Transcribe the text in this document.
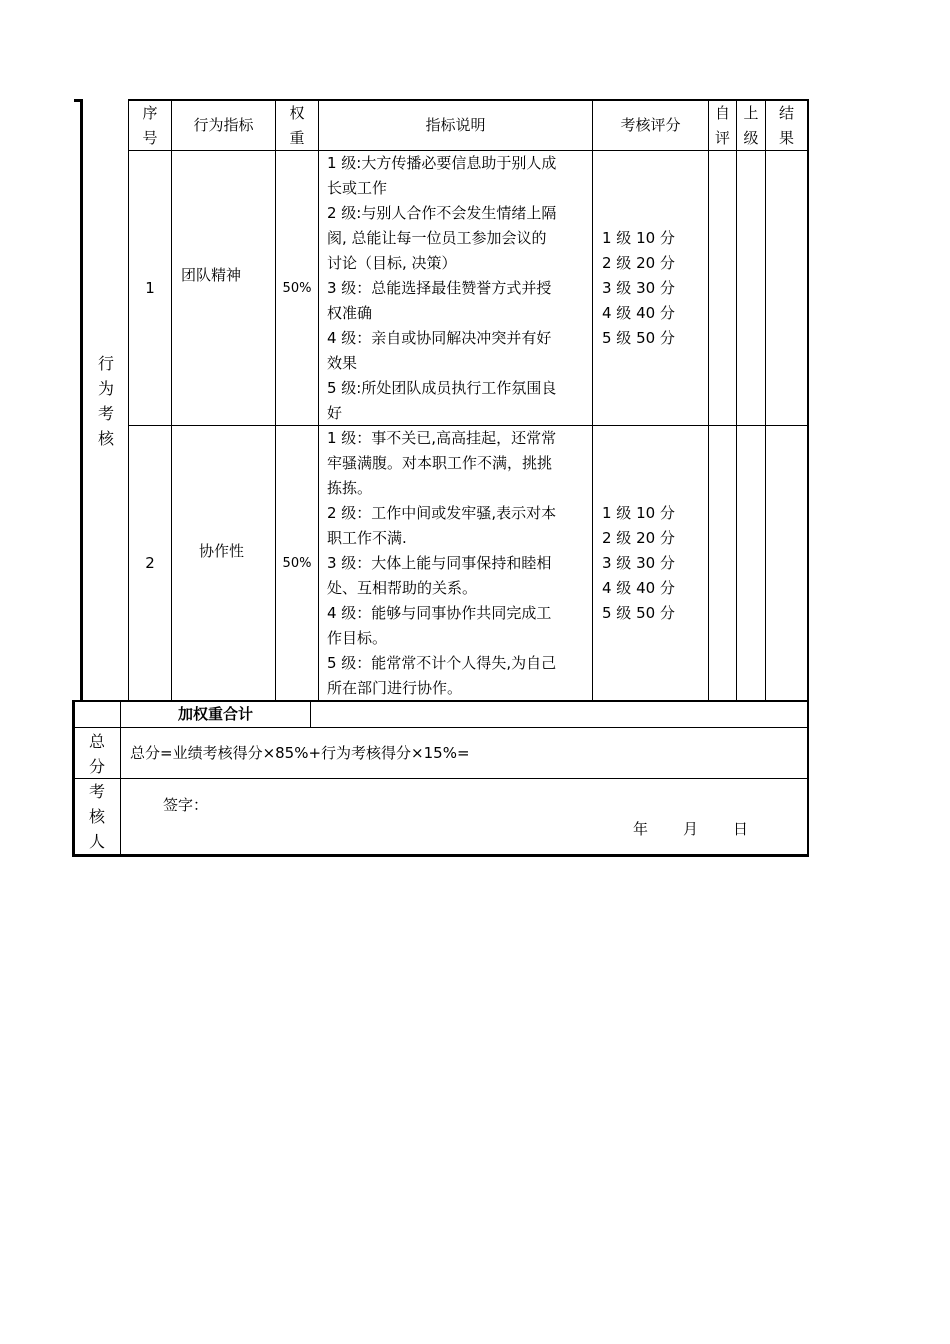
序
号
行为指标
权
重
指标说明	考核评分
自
评
上
级
结
果
行
为
考
核
1
团队精神
50%
1 级:大方传播必要信息助于别人成
长或工作
2 级:与别人合作不会发生情绪上隔
阂, 总能让每一位员工参加会议的
讨论（目标, 决策）
3 级：总能选择最佳赞誉方式并授
权准确
4 级：亲自或协同解决冲突并有好
效果
5 级:所处团队成员执行工作氛围良
好
1 级 10 分
2 级 20 分
3 级 30 分
4 级 40 分
5 级 50 分
2
协作性
50%
1 级：事不关已,高高挂起，还常常
牢骚满腹。对本职工作不满，挑挑
拣拣。
2 级：工作中间或发牢骚,表示对本
职工作不满.
3 级：大体上能与同事保持和睦相
处、互相帮助的关系。
4 级：能够与同事协作共同完成工
作目标。
5 级：能常常不计个人得失,为自己
所在部门进行协作。
1 级 10 分
2 级 20 分
3 级 30 分
4 级 40 分
5 级 50 分
加权重合计
总
分
总分=业绩考核得分×85%+行为考核得分×15%=
考
核
人
签字：
年 月 日
